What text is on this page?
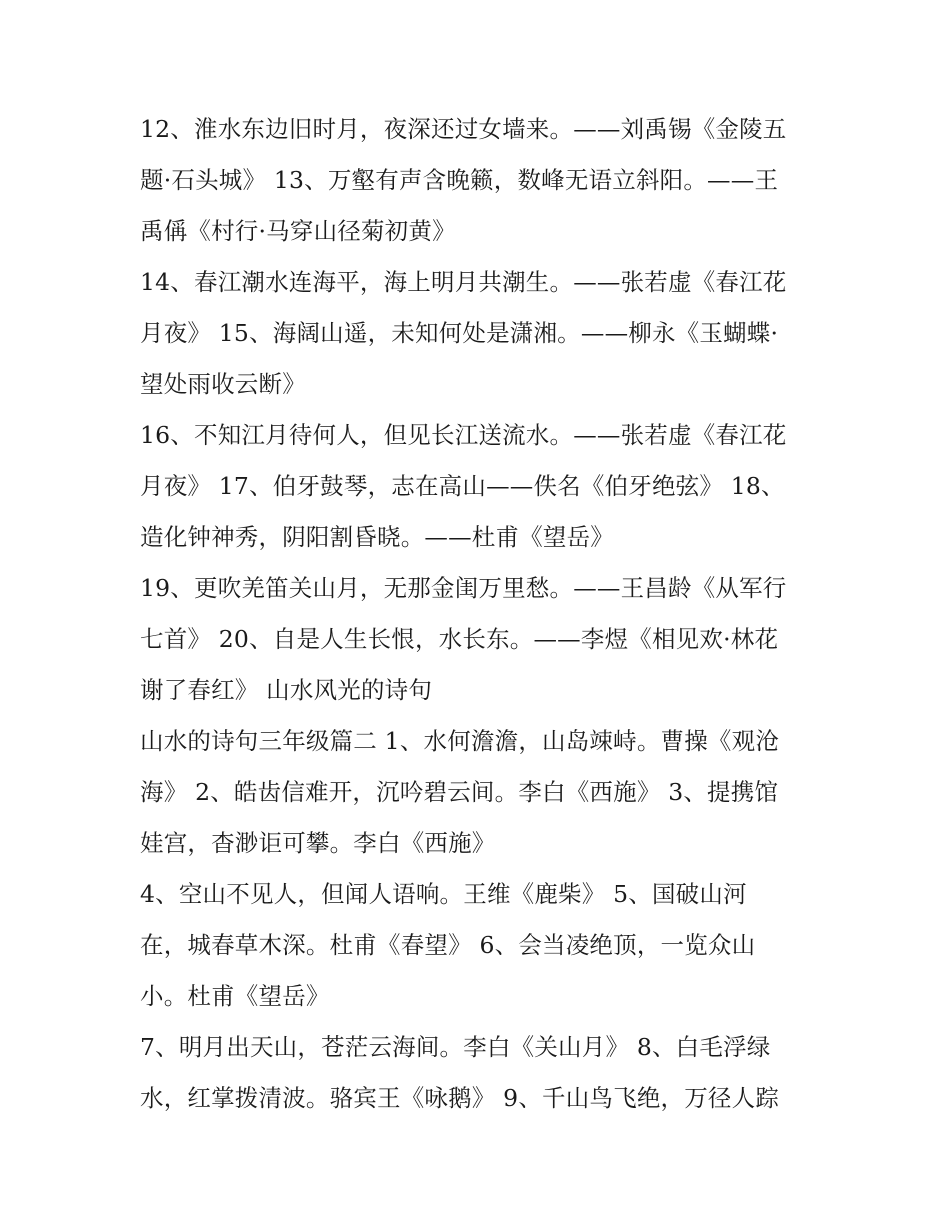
12、淮水东边旧时月，夜深还过女墙来。——刘禹锡《金陵五
题·石头城》 13、万壑有声含晚籁，数峰无语立斜阳。——王
禹偁《村行·马穿山径菊初黄》
14、春江潮水连海平，海上明月共潮生。——张若虚《春江花
月夜》 15、海阔山遥，未知何处是潇湘。——柳永《玉蝴蝶·
望处雨收云断》
16、不知江月待何人，但见长江送流水。——张若虚《春江花
月夜》 17、伯牙鼓琴，志在高山——佚名《伯牙绝弦》 18、
造化钟神秀，阴阳割昏晓。——杜甫《望岳》
19、更吹羌笛关山月，无那金闺万里愁。——王昌龄《从军行
七首》 20、自是人生长恨，水长东。——李煜《相见欢·林花
谢了春红》 山水风光的诗句
山水的诗句三年级篇二 1、水何澹澹，山岛竦峙。曹操《观沧
海》 2、皓齿信难开，沉吟碧云间。李白《西施》 3、提携馆
娃宫，杳渺讵可攀。李白《西施》
4、空山不见人，但闻人语响。王维《鹿柴》 5、国破山河
在，城春草木深。杜甫《春望》 6、会当凌绝顶，一览众山
小。杜甫《望岳》
7、明月出天山，苍茫云海间。李白《关山月》 8、白毛浮绿
水，红掌拨清波。骆宾王《咏鹅》 9、千山鸟飞绝，万径人踪
